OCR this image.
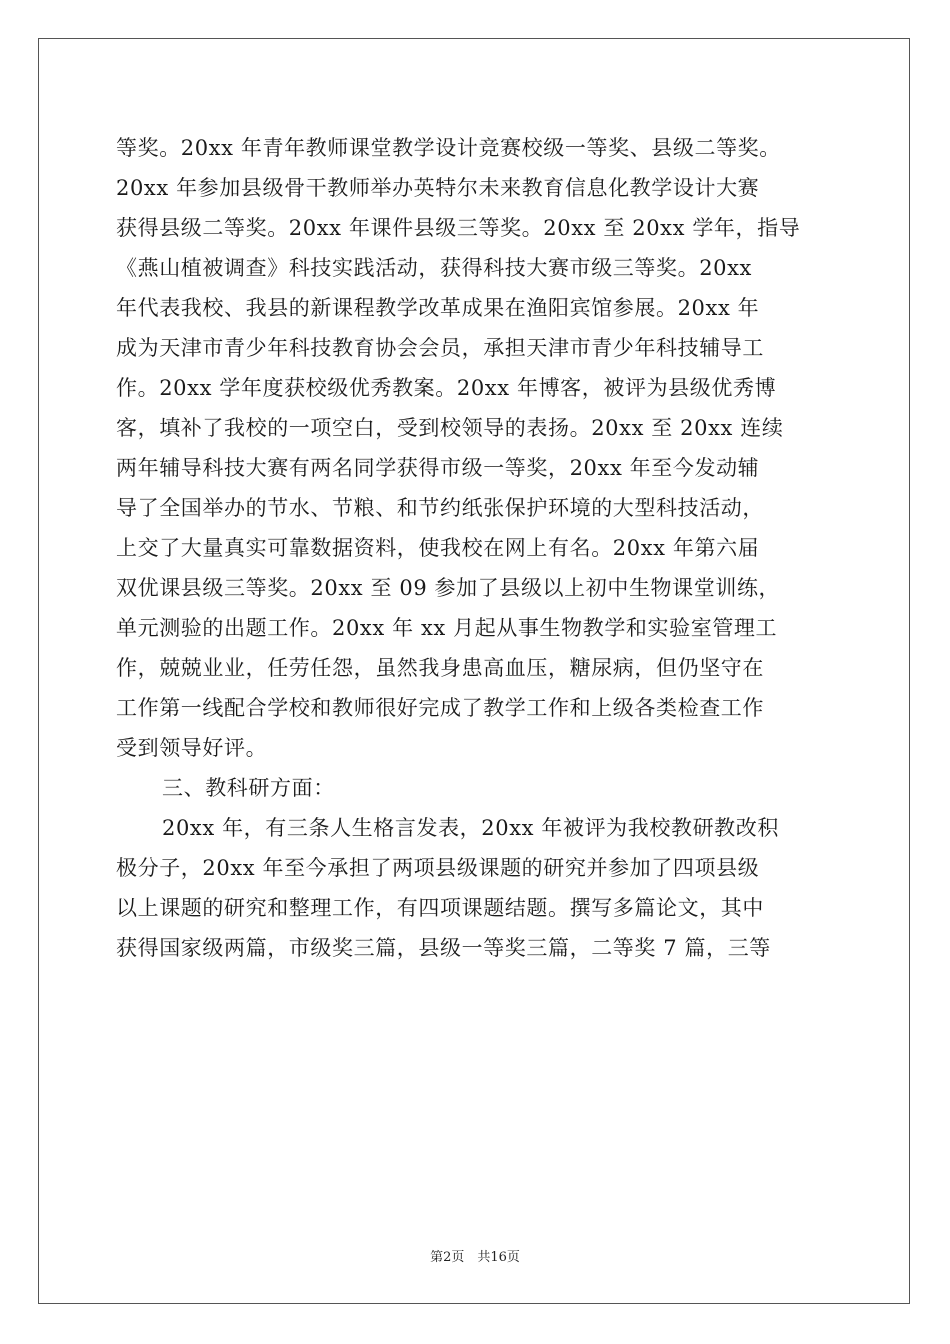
等奖。20xx 年青年教师课堂教学设计竞赛校级一等奖、县级二等奖。
20xx 年参加县级骨干教师举办英特尔未来教育信息化教学设计大赛
获得县级二等奖。20xx 年课件县级三等奖。20xx 至 20xx 学年，指导
《燕山植被调查》科技实践活动，获得科技大赛市级三等奖。20xx
年代表我校、我县的新课程教学改革成果在渔阳宾馆参展。20xx 年
成为天津市青少年科技教育协会会员，承担天津市青少年科技辅导工
作。20xx 学年度获校级优秀教案。20xx 年博客，被评为县级优秀博
客，填补了我校的一项空白，受到校领导的表扬。20xx 至 20xx 连续
两年辅导科技大赛有两名同学获得市级一等奖，20xx 年至今发动辅
导了全国举办的节水、节粮、和节约纸张保护环境的大型科技活动，
上交了大量真实可靠数据资料，使我校在网上有名。20xx 年第六届
双优课县级三等奖。20xx 至 09 参加了县级以上初中生物课堂训练，
单元测验的出题工作。20xx 年 xx 月起从事生物教学和实验室管理工
作，兢兢业业，任劳任怨，虽然我身患高血压，糖尿病，但仍坚守在
工作第一线配合学校和教师很好完成了教学工作和上级各类检查工作
受到领导好评。
三、教科研方面：
20xx 年，有三条人生格言发表，20xx 年被评为我校教研教改积
极分子，20xx 年至今承担了两项县级课题的研究并参加了四项县级
以上课题的研究和整理工作，有四项课题结题。撰写多篇论文，其中
获得国家级两篇，市级奖三篇，县级一等奖三篇，二等奖 7 篇，三等
第2页　共16页
